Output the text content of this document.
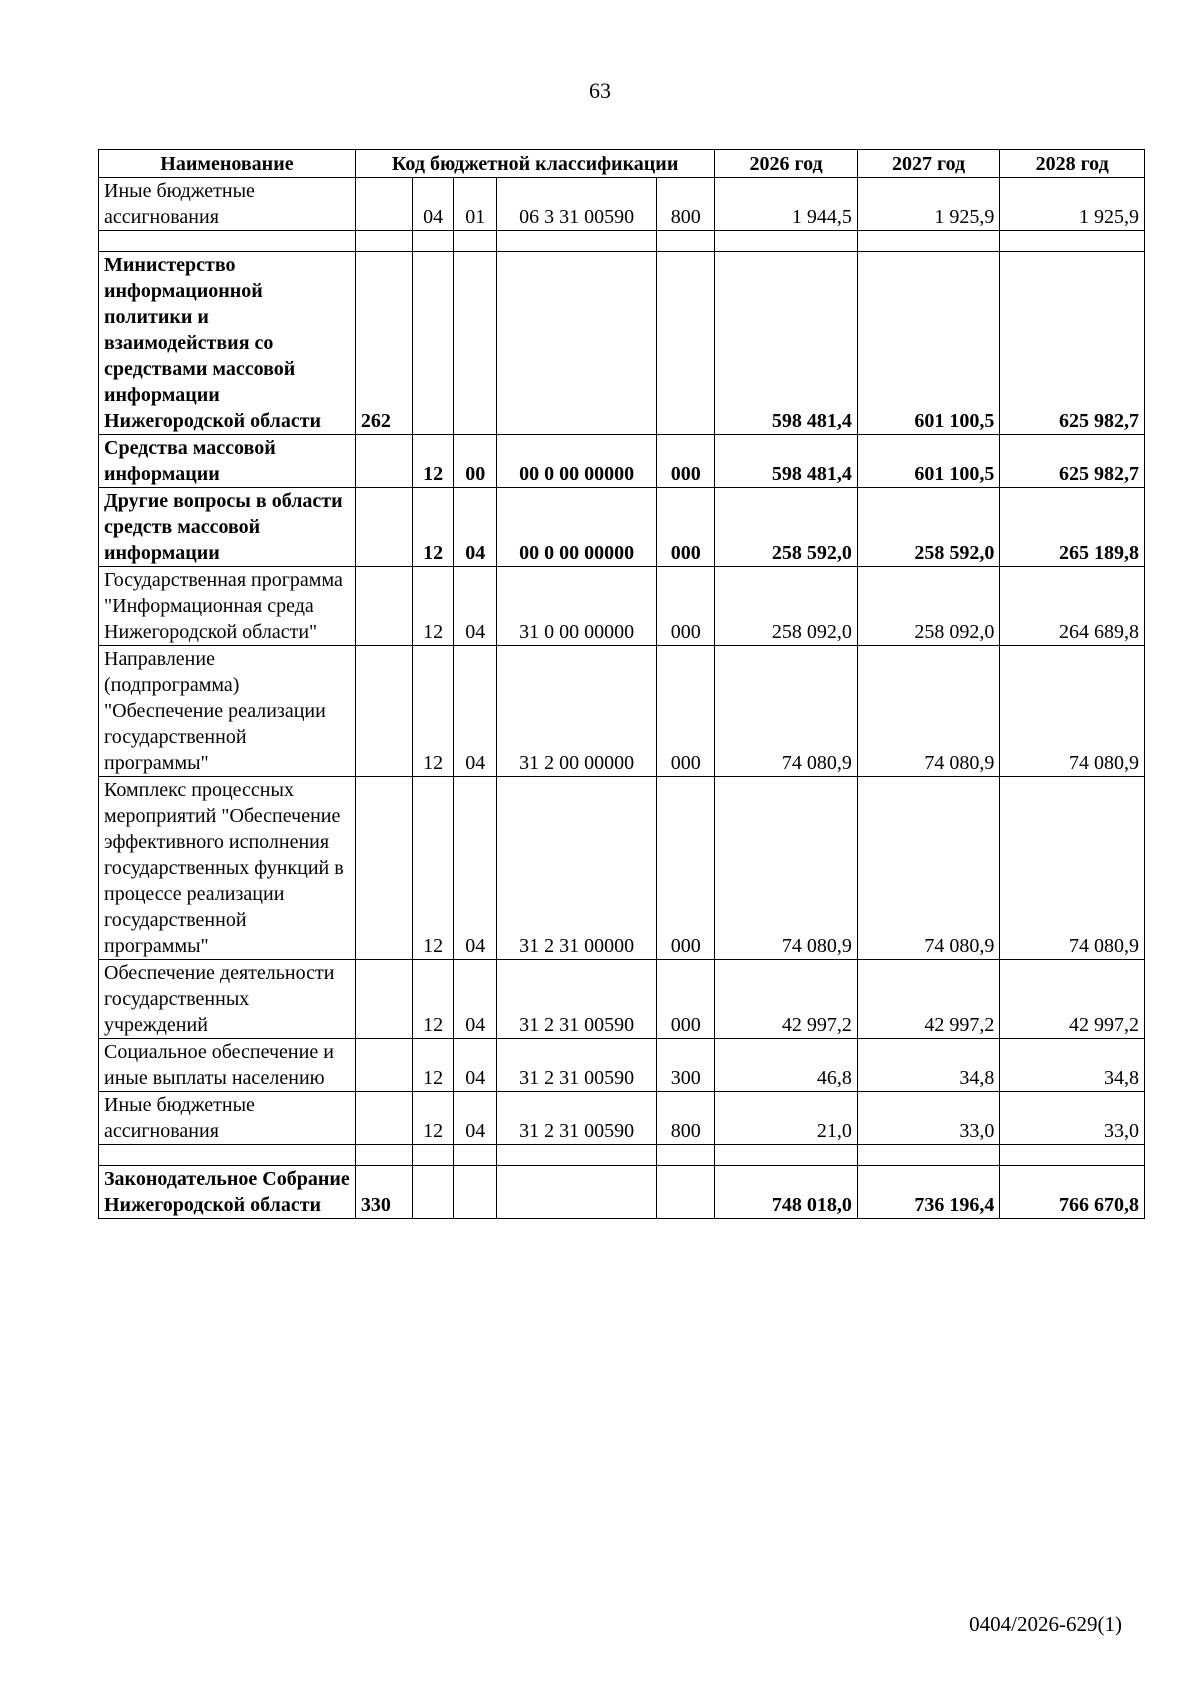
63
Наименование	Код бюджетной классификации					2026 год	2027 год	2028 год
Иные бюджетные ассигнования		04	01	06 3 31 00590	800	1 944,5	1 925,9	1 925,9

Министерство информационной политики и взаимодействия со средствами массовой информации Нижегородской области	262					598 481,4	601 100,5	625 982,7
Средства массовой информации		12	00	00 0 00 00000	000	598 481,4	601 100,5	625 982,7
Другие вопросы в области средств массовой информации		12	04	00 0 00 00000	000	258 592,0	258 592,0	265 189,8
Государственная программа "Информационная среда Нижегородской области"		12	04	31 0 00 00000	000	258 092,0	258 092,0	264 689,8
Направление (подпрограмма) "Обеспечение реализации государственной программы"		12	04	31 2 00 00000	000	74 080,9	74 080,9	74 080,9
Комплекс процессных мероприятий "Обеспечение эффективного исполнения государственных функций в процессе реализации государственной программы"		12	04	31 2 31 00000	000	74 080,9	74 080,9	74 080,9
Обеспечение деятельности государственных учреждений		12	04	31 2 31 00590	000	42 997,2	42 997,2	42 997,2
Социальное обеспечение и иные выплаты населению		12	04	31 2 31 00590	300	46,8	34,8	34,8
Иные бюджетные ассигнования		12	04	31 2 31 00590	800	21,0	33,0	33,0

Законодательное Собрание Нижегородской области	330					748 018,0	736 196,4	766 670,8
0404/2026-629(1)
